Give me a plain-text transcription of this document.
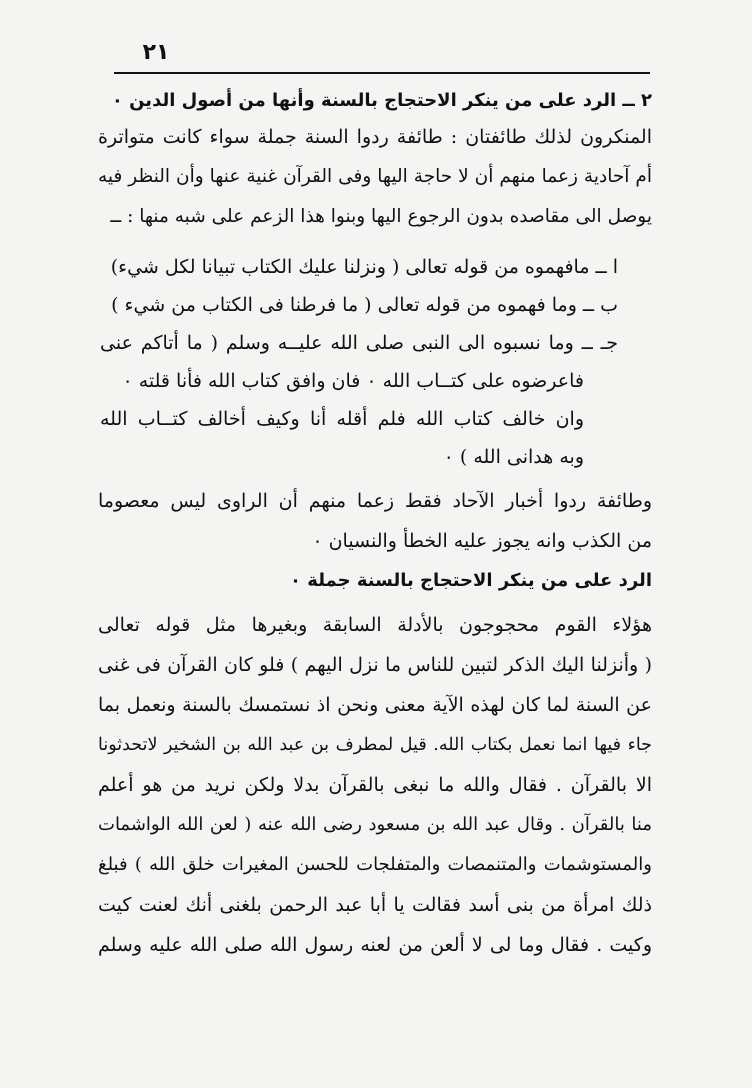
٢١

٢ ــ الرد على من ينكر الاحتجاج بالسنة وأنها من أصول الدين ٠

المنكرون لذلك طائفتان : طائفة ردوا السنة جملة سواء كانت متواترة

أم آحادية زعما منهم أن لا حاجة اليها وفى القرآن غنية عنها وأن النظر فيه

يوصل الى مقاصده بدون الرجوع اليها وبنوا هذا الزعم على شبه منها : ــ

ا ــ مافهموه من قوله تعالى ( ونزلنا عليك الكتاب تبيانا لكل شيء)

ب ــ وما فهموه من قوله تعالى ( ما فرطنا فى الكتاب من شيء )

جـ ــ وما نسبوه الى النبى صلى الله عليــه وسلم ( ما أتاكم عنى

فاعرضوه على كتــاب الله ٠ فان وافق كتاب الله فأنا قلته ٠

وان خالف كتاب الله فلم أقله أنا وكيف أخالف كتــاب الله

وبه هدانى الله ) ٠

وطائفة ردوا أخبار الآحاد فقط زعما منهم أن الراوى ليس معصوما

من الكذب وانه يجوز عليه الخطأ والنسيان ٠

الرد على من ينكر الاحتجاج بالسنة جملة ٠

هؤلاء القوم محجوجون بالأدلة السابقة وبغيرها مثل قوله تعالى

( وأنزلنا اليك الذكر لتبين للناس ما نزل اليهم ) فلو كان القرآن فى غنى

عن السنة لما كان لهذه الآية معنى ونحن اذ نستمسك بالسنة ونعمل بما

جاء فيها انما نعمل بكتاب الله. قيل لمطرف بن عبد الله بن الشخير لاتحدثونا

الا بالقرآن . فقال والله ما نبغى بالقرآن بدلا ولكن نريد من هو أعلم

منا بالقرآن . وقال عبد الله بن مسعود رضى الله عنه ( لعن الله الواشمات

والمستوشمات والمتنمصات والمتفلجات للحسن المغيرات خلق الله ) فبلغ

ذلك امرأة من بنى أسد فقالت يا أبا عبد الرحمن بلغنى أنك لعنت كيت

وكيت . فقال وما لى لا ألعن من لعنه رسول الله صلى الله عليه وسلم
